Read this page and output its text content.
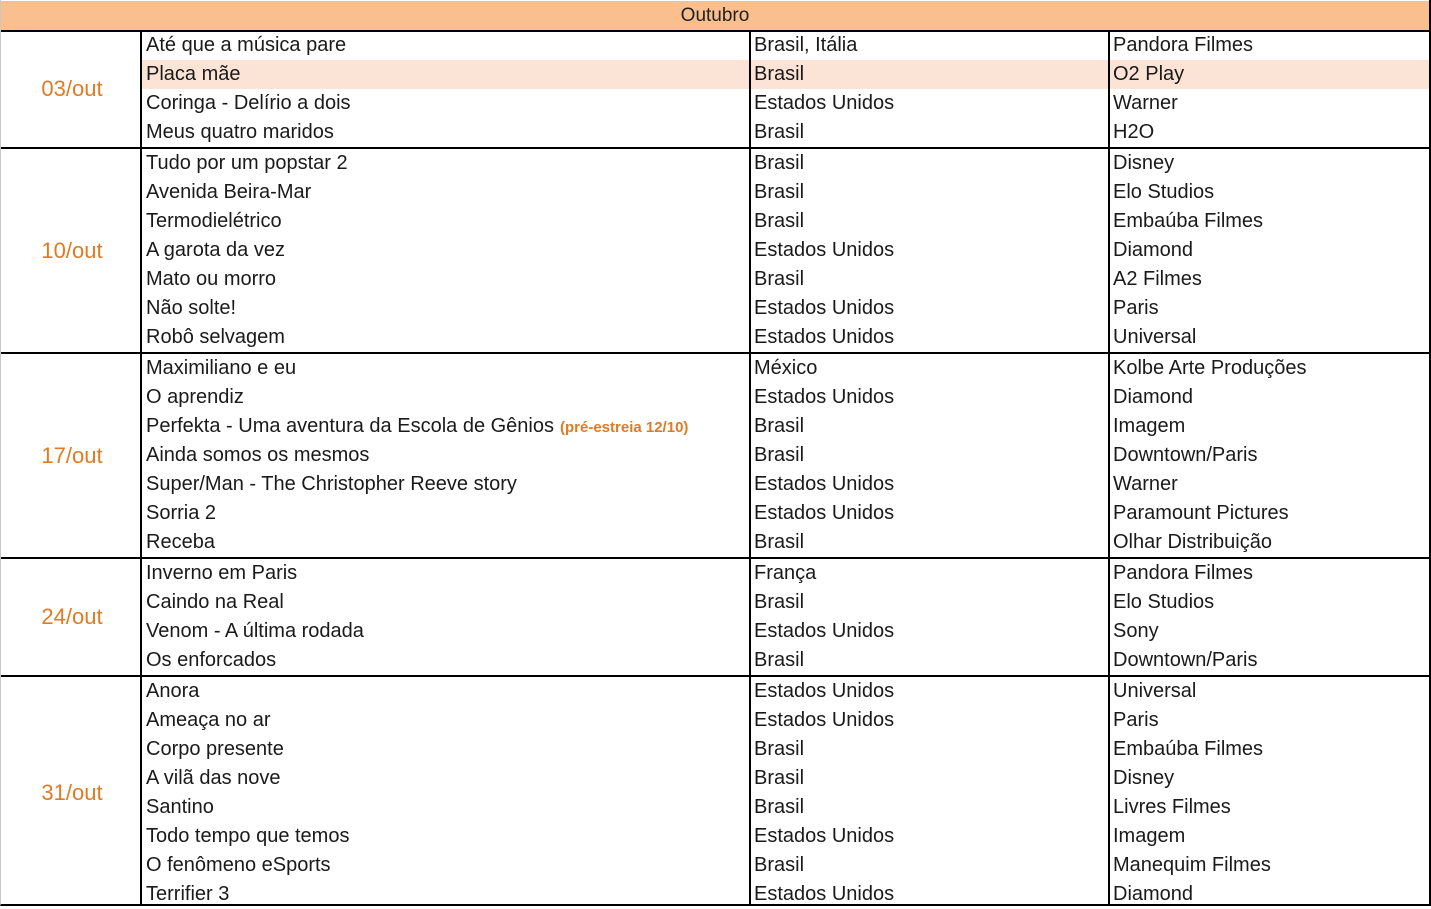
Outubro
03/out
Até que a música pare	Brasil, Itália	Pandora Filmes
Placa mãe	Brasil	O2 Play
Coringa - Delírio a dois	Estados Unidos	Warner
Meus quatro maridos	Brasil	H2O
10/out
Tudo por um popstar 2	Brasil	Disney
Avenida Beira-Mar	Brasil	Elo Studios
Termodielétrico	Brasil	Embaúba Filmes
A garota da vez	Estados Unidos	Diamond
Mato ou morro	Brasil	A2 Filmes
Não solte!	Estados Unidos	Paris
Robô selvagem	Estados Unidos	Universal
17/out
Maximiliano e eu	México	Kolbe Arte Produções
O aprendiz	Estados Unidos	Diamond
Perfekta - Uma aventura da Escola de Gênios (pré-estreia 12/10)	Brasil	Imagem
Ainda somos os mesmos	Brasil	Downtown/Paris
Super/Man - The Christopher Reeve story	Estados Unidos	Warner
Sorria 2	Estados Unidos	Paramount Pictures
Receba	Brasil	Olhar Distribuição
24/out
Inverno em Paris	França	Pandora Filmes
Caindo na Real	Brasil	Elo Studios
Venom - A última rodada	Estados Unidos	Sony
Os enforcados	Brasil	Downtown/Paris
31/out
Anora	Estados Unidos	Universal
Ameaça no ar	Estados Unidos	Paris
Corpo presente	Brasil	Embaúba Filmes
A vilã das nove	Brasil	Disney
Santino	Brasil	Livres Filmes
Todo tempo que temos	Estados Unidos	Imagem
O fenômeno eSports	Brasil	Manequim Filmes
Terrifier 3	Estados Unidos	Diamond
